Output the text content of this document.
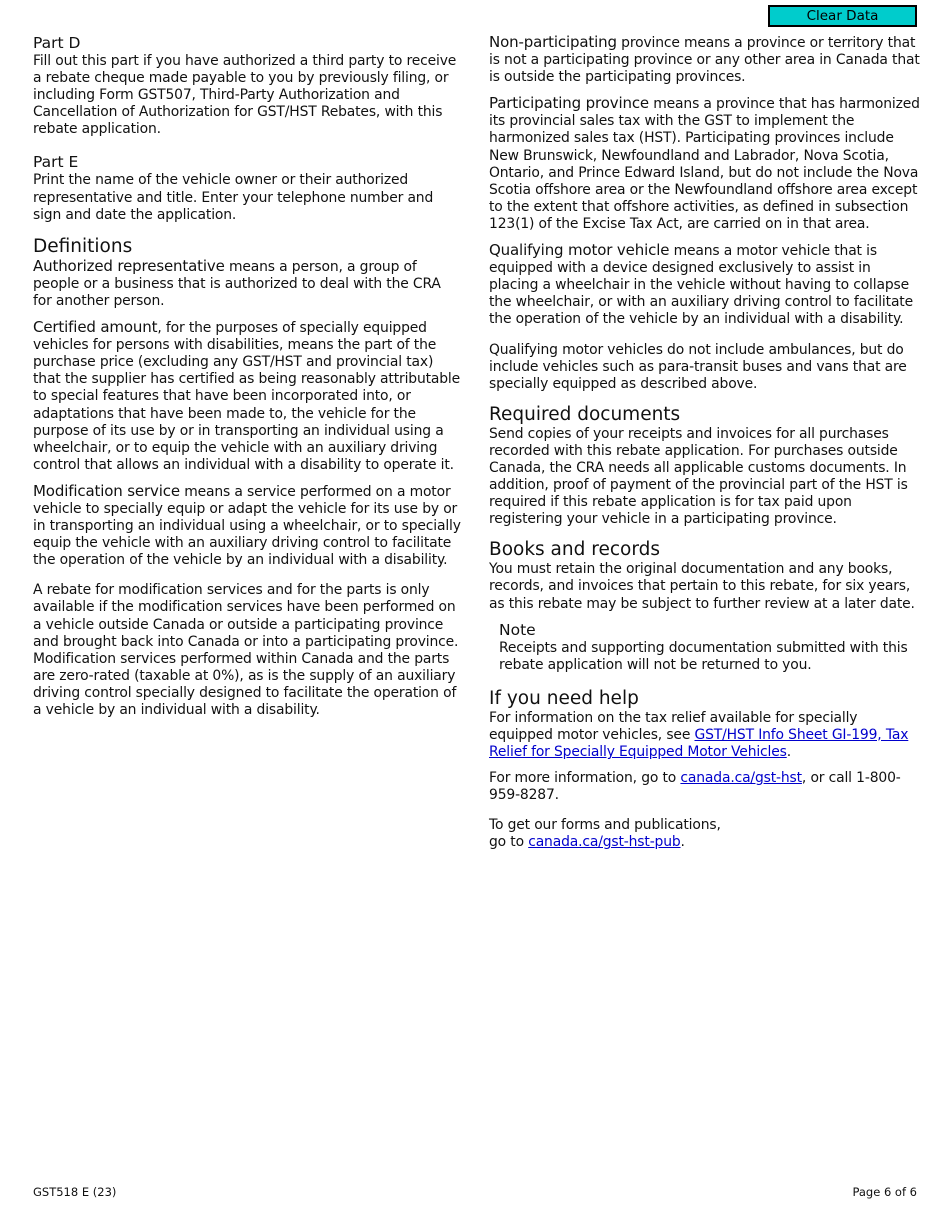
Clear Data
Part D

Fill out this part if you have authorized a third party to receive a rebate cheque made payable to you by previously filing, or including Form GST507, Third-Party Authorization and Cancellation of Authorization for GST/HST Rebates, with this rebate application.

Part E

Print the name of the vehicle owner or their authorized representative and title. Enter your telephone number and sign and date the application.

Definitions

Authorized representative means a person, a group of people or a business that is authorized to deal with the CRA for another person.

Certified amount, for the purposes of specially equipped vehicles for persons with disabilities, means the part of the purchase price (excluding any GST/HST and provincial tax) that the supplier has certified as being reasonably attributable to special features that have been incorporated into, or adaptations that have been made to, the vehicle for the purpose of its use by or in transporting an individual using a wheelchair, or to equip the vehicle with an auxiliary driving control that allows an individual with a disability to operate it.

Modification service means a service performed on a motor vehicle to specially equip or adapt the vehicle for its use by or in transporting an individual using a wheelchair, or to specially equip the vehicle with an auxiliary driving control to facilitate the operation of the vehicle by an individual with a disability.

A rebate for modification services and for the parts is only available if the modification services have been performed on a vehicle outside Canada or outside a participating province and brought back into Canada or into a participating province. Modification services performed within Canada and the parts are zero-rated (taxable at 0%), as is the supply of an auxiliary driving control specially designed to facilitate the operation of a vehicle by an individual with a disability.

Non-participating province means a province or territory that is not a participating province or any other area in Canada that is outside the participating provinces.

Participating province means a province that has harmonized its provincial sales tax with the GST to implement the harmonized sales tax (HST). Participating provinces include New Brunswick, Newfoundland and Labrador, Nova Scotia, Ontario, and Prince Edward Island, but do not include the Nova Scotia offshore area or the Newfoundland offshore area except to the extent that offshore activities, as defined in subsection 123(1) of the Excise Tax Act, are carried on in that area.

Qualifying motor vehicle means a motor vehicle that is equipped with a device designed exclusively to assist in placing a wheelchair in the vehicle without having to collapse the wheelchair, or with an auxiliary driving control to facilitate the operation of the vehicle by an individual with a disability.

Qualifying motor vehicles do not include ambulances, but do include vehicles such as para-transit buses and vans that are specially equipped as described above.

Required documents

Send copies of your receipts and invoices for all purchases recorded with this rebate application. For purchases outside Canada, the CRA needs all applicable customs documents. In addition, proof of payment of the provincial part of the HST is required if this rebate application is for tax paid upon registering your vehicle in a participating province.

Books and records

You must retain the original documentation and any books, records, and invoices that pertain to this rebate, for six years, as this rebate may be subject to further review at a later date.

Note

Receipts and supporting documentation submitted with this rebate application will not be returned to you.

If you need help

For information on the tax relief available for specially equipped motor vehicles, see GST/HST Info Sheet GI-199, Tax Relief for Specially Equipped Motor Vehicles.

For more information, go to canada.ca/gst-hst, or call 1-800-959-8287.

To get our forms and publications,
go to canada.ca/gst-hst-pub.

GST518 E (23)	Page 6 of 6
